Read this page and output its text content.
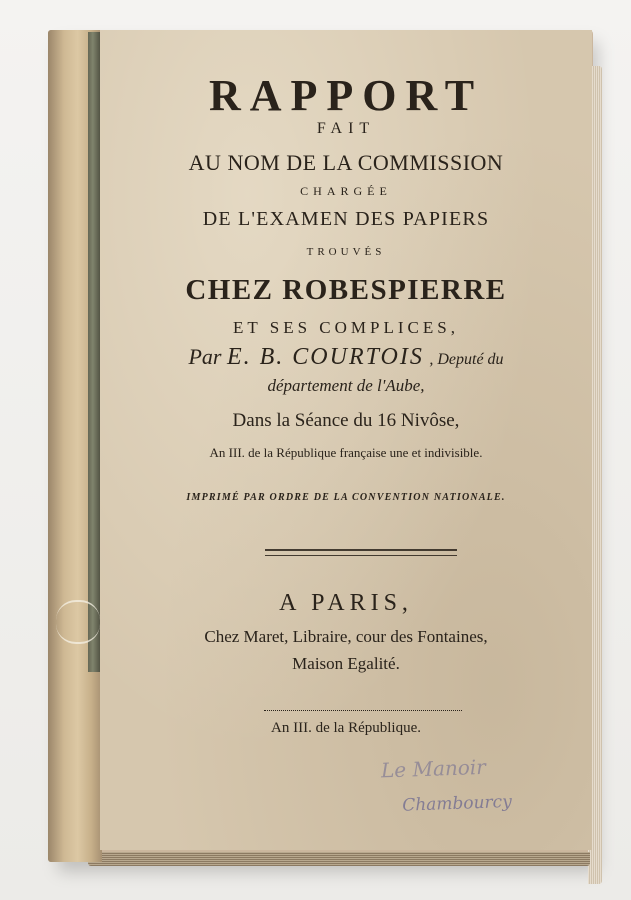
RAPPORT
FAIT
AU NOM DE LA COMMISSION
CHARGÉE
DE L'EXAMEN DES PAPIERS
TROUVÉS
CHEZ ROBESPIERRE
ET SES COMPLICES,
Par E. B. COURTOIS , Deputé du
département de l'Aube,
Dans la Séance du 16 Nivôse,
An III. de la République française une et indivisible.
IMPRIMÉ PAR ORDRE DE LA CONVENTION NATIONALE.
A PARIS,
Chez Maret, Libraire, cour des Fontaines,
Maison Egalité.
An III. de la République.
Le Manoir
Chambourcy
